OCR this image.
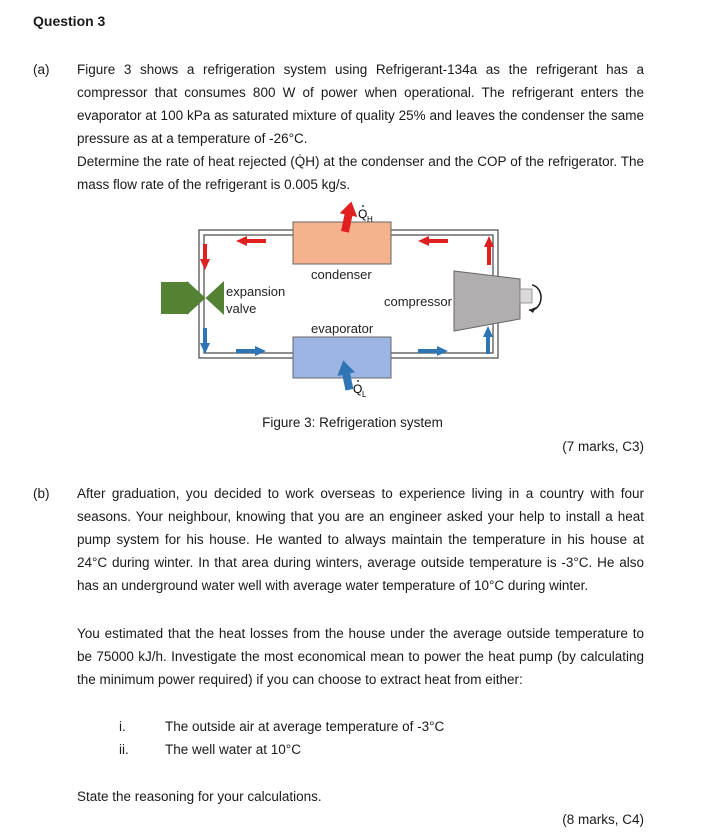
Question 3
(a) Figure 3 shows a refrigeration system using Refrigerant-134a as the refrigerant has a
compressor that consumes 800 W of power when operational. The refrigerant enters the
evaporator at 100 kPa as saturated mixture of quality 25% and leaves the condenser the same
pressure as at a temperature of -26°C.
Determine the rate of heat rejected (Q̇H) at the condenser and the COP of the refrigerator. The
mass flow rate of the refrigerant is 0.005 kg/s.
Q H
Q L
condenser
evaporator
compressor
expansion
valve
Figure 3: Refrigeration system
(7 marks, C3)
(b) After graduation, you decided to work overseas to experience living in a country with four
seasons. Your neighbour, knowing that you are an engineer asked your help to install a heat
pump system for his house. He wanted to always maintain the temperature in his house at
24°C during winter. In that area during winters, average outside temperature is -3°C. He also
has an underground water well with average water temperature of 10°C during winter.
You estimated that the heat losses from the house under the average outside temperature to
be 75000 kJ/h. Investigate the most economical mean to power the heat pump (by calculating
the minimum power required) if you can choose to extract heat from either:
i.	The outside air at average temperature of -3°C
ii.	The well water at 10°C
State the reasoning for your calculations.
(8 marks, C4)
